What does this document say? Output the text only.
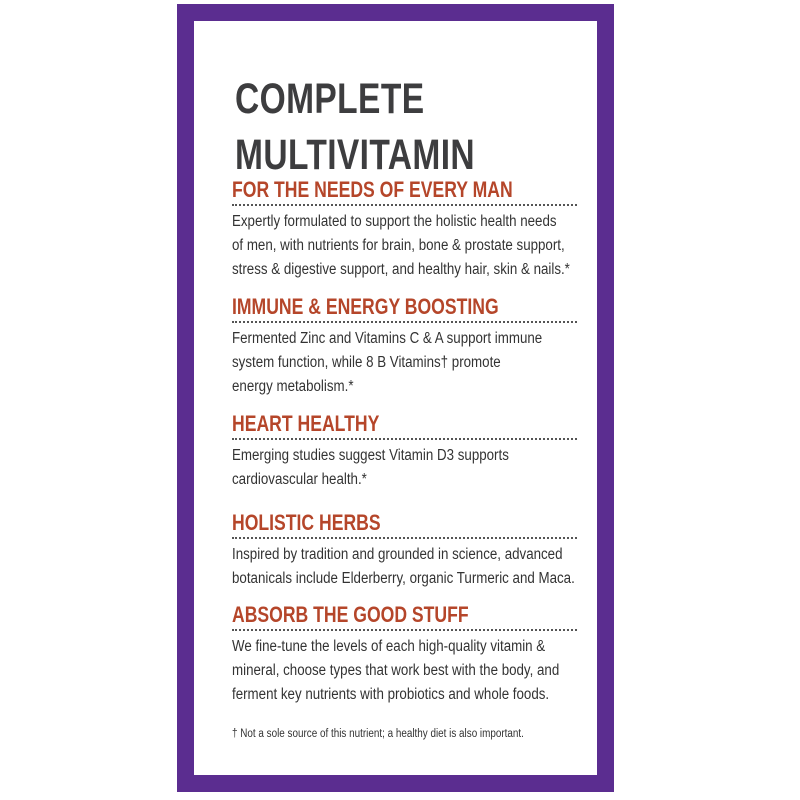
COMPLETE
MULTIVITAMIN
FOR THE NEEDS OF EVERY MAN

Expertly formulated to support the holistic health needs
of men, with nutrients for brain, bone & prostate support,
stress & digestive support, and healthy hair, skin & nails.*

IMMUNE & ENERGY BOOSTING

Fermented Zinc and Vitamins C & A support immune
system function, while 8 B Vitamins† promote
energy metabolism.*

HEART HEALTHY

Emerging studies suggest Vitamin D3 supports
cardiovascular health.*

HOLISTIC HERBS

Inspired by tradition and grounded in science, advanced
botanicals include Elderberry, organic Turmeric and Maca.

ABSORB THE GOOD STUFF

We fine-tune the levels of each high-quality vitamin &
mineral, choose types that work best with the body, and
ferment key nutrients with probiotics and whole foods.

† Not a sole source of this nutrient; a healthy diet is also important.
